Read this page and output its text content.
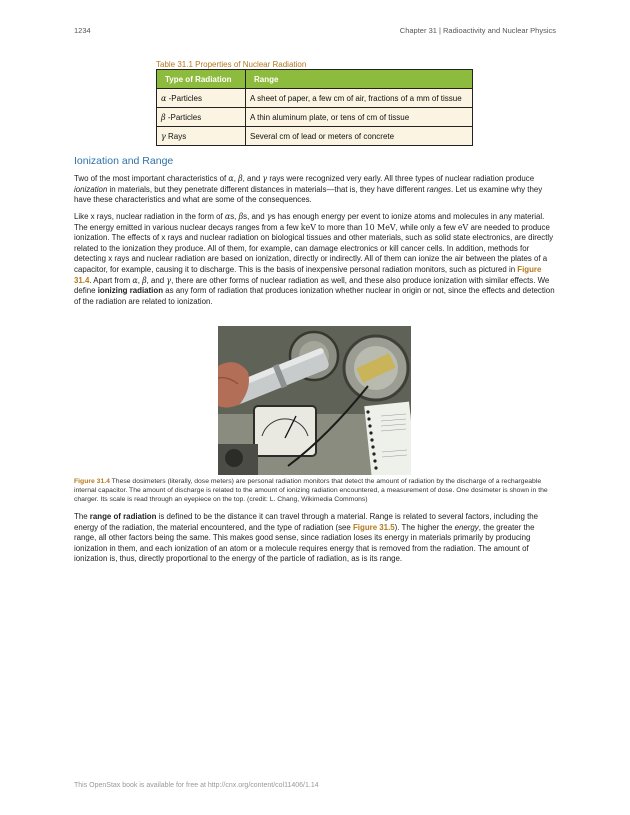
1234	Chapter 31 | Radioactivity and Nuclear Physics
Table 31.1 Properties of Nuclear Radiation
Type of Radiation	Range
α -Particles	A sheet of paper, a few cm of air, fractions of a mm of tissue
β -Particles	A thin aluminum plate, or tens of cm of tissue
γ Rays	Several cm of lead or meters of concrete
Ionization and Range

Two of the most important characteristics of α, β, and γ rays were recognized very early. All three types of nuclear radiation produce ionization in materials, but they penetrate different distances in materials—that is, they have different ranges. Let us examine why they have these characteristics and what are some of the consequences.

Like x rays, nuclear radiation in the form of αs, βs, and γs has enough energy per event to ionize atoms and molecules in any material. The energy emitted in various nuclear decays ranges from a few keV to more than 10 MeV, while only a few eV are needed to produce ionization. The effects of x rays and nuclear radiation on biological tissues and other materials, such as solid state electronics, are directly related to the ionization they produce. All of them, for example, can damage electronics or kill cancer cells. In addition, methods for detecting x rays and nuclear radiation are based on ionization, directly or indirectly. All of them can ionize the air between the plates of a capacitor, for example, causing it to discharge. This is the basis of inexpensive personal radiation monitors, such as pictured in Figure 31.4. Apart from α, β, and γ, there are other forms of nuclear radiation as well, and these also produce ionization with similar effects. We define ionizing radiation as any form of radiation that produces ionization whether nuclear in origin or not, since the effects and detection of the radiation are related to ionization.

Figure 31.4 These dosimeters (literally, dose meters) are personal radiation monitors that detect the amount of radiation by the discharge of a rechargeable internal capacitor. The amount of discharge is related to the amount of ionizing radiation encountered, a measurement of dose. One dosimeter is shown in the charger. Its scale is read through an eyepiece on the top. (credit: L. Chang, Wikimedia Commons)

The range of radiation is defined to be the distance it can travel through a material. Range is related to several factors, including the energy of the radiation, the material encountered, and the type of radiation (see Figure 31.5). The higher the energy, the greater the range, all other factors being the same. This makes good sense, since radiation loses its energy in materials primarily by producing ionization in them, and each ionization of an atom or a molecule requires energy that is removed from the radiation. The amount of ionization is, thus, directly proportional to the energy of the particle of radiation, as is its range.

This OpenStax book is available for free at http://cnx.org/content/col11406/1.14
